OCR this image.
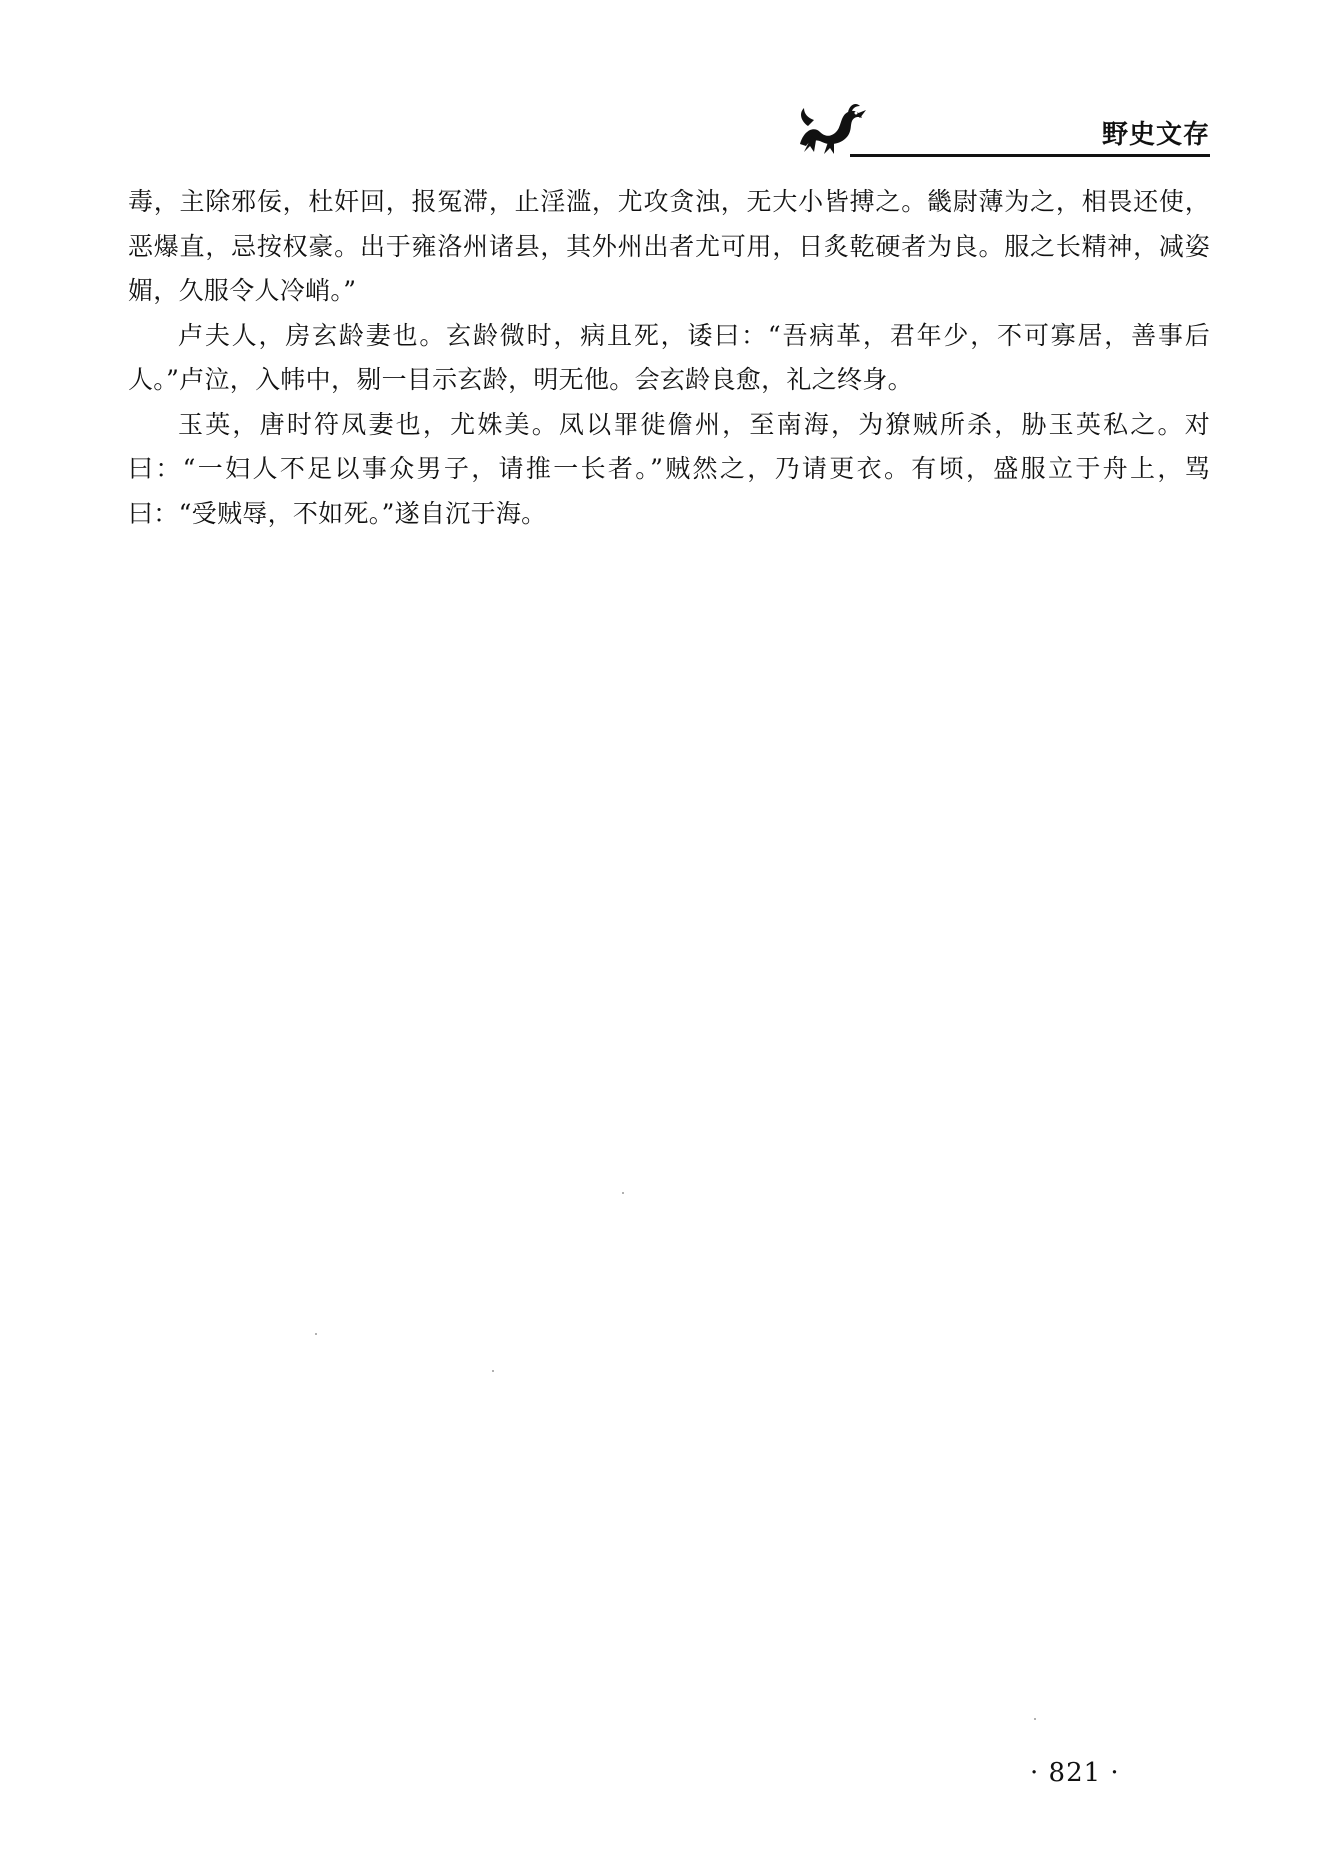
野史文存

毒，主除邪佞，杜奸回，报冤滞，止淫滥，尤攻贪浊，无大小皆搏之。畿尉薄为之，相畏还使，恶爆直，忌按权豪。出于雍洛州诸县，其外州出者尤可用，日炙乾硬者为良。服之长精神，减姿媚，久服令人冷峭。”

卢夫人，房玄龄妻也。玄龄微时，病且死，诿曰：“吾病革，君年少，不可寡居，善事后人。”卢泣，入帏中，剔一目示玄龄，明无他。会玄龄良愈，礼之终身。

玉英，唐时符凤妻也，尤姝美。凤以罪徙儋州，至南海，为獠贼所杀，胁玉英私之。对曰：“一妇人不足以事众男子，请推一长者。”贼然之，乃请更衣。有顷，盛服立于舟上，骂曰：“受贼辱，不如死。”遂自沉于海。

· 821 ·
